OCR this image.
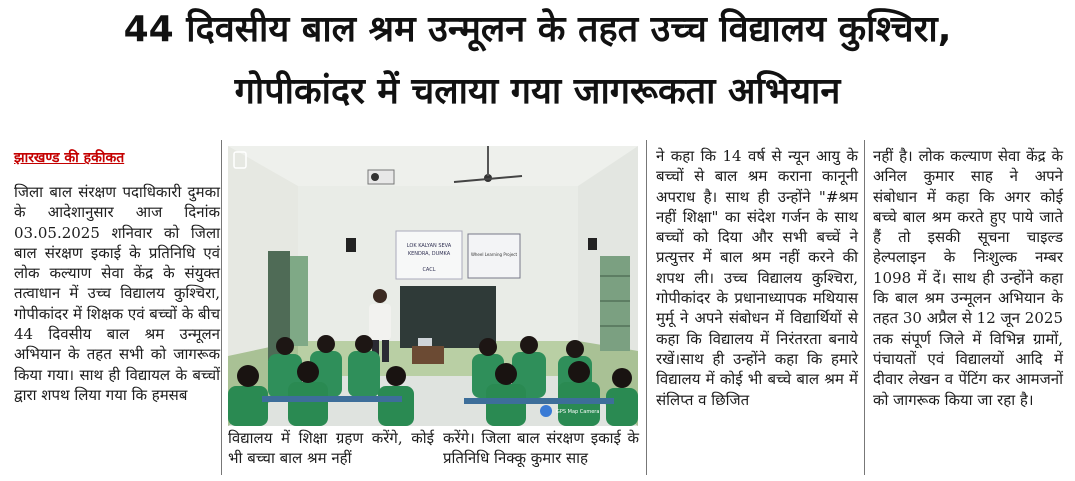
44 दिवसीय बाल श्रम उन्मूलन के तहत उच्च विद्यालय कुश्चिरा,
गोपीकांदर में चलाया गया जागरूकता अभियान
झारखण्ड की हकीकत

जिला बाल संरक्षण पदाधिकारी दुमका के आदेशानुसार आज दिनांक 03.05.2025 शनिवार को जिला बाल संरक्षण इकाई के प्रतिनिधि एवं लोक कल्याण सेवा केंद्र के संयुक्त तत्वाधान में उच्च विद्यालय कुश्चिरा, गोपीकांदर में शिक्षक एवं बच्चों के बीच 44 दिवसीय बाल श्रम उन्मूलन अभियान के तहत सभी को जागरूक किया गया। साथ ही विद्यायल के बच्चों द्वारा शपथ लिया गया कि हमसब

LOK KALYAN SEVA
KENDRA, DUMKA
CACL
Wheel Learning Project
GPS Map Camera
विद्यालय में शिक्षा ग्रहण करेंगे, कोई भी बच्चा बाल श्रम नहीं
करेंगे। जिला बाल संरक्षण इकाई के प्रतिनिधि निक्कू कुमार साह

ने कहा कि 14 वर्ष से न्यून आयु के बच्चों से बाल श्रम कराना कानूनी अपराध है। साथ ही उन्होंने "#श्रम नहीं शिक्षा" का संदेश गर्जन के साथ बच्चों को दिया और सभी बच्चें ने प्रत्युत्तर में बाल श्रम नहीं करने की शपथ ली। उच्च विद्यालय कुश्चिरा, गोपीकांदर के प्रधानाध्यापक मथियास मुर्मू ने अपने संबोधन में विद्यार्थियों से कहा कि विद्यालय में निरंतरता बनाये रखें।साथ ही उन्होंने कहा कि हमारे विद्यालय में कोई भी बच्चे बाल श्रम में संलिप्त व छिजित

नहीं है। लोक कल्याण सेवा केंद्र के अनिल कुमार साह ने अपने संबोधान में कहा कि अगर कोई बच्चे बाल श्रम करते हुए पाये जाते हैं तो इसकी सूचना चाइल्ड हेल्पलाइन के निःशुल्क नम्बर 1098 में दें। साथ ही उन्होंने कहा कि बाल श्रम उन्मूलन अभियान के तहत 30 अप्रैल से 12 जून 2025 तक संपूर्ण जिले में विभिन्न ग्रामों, पंचायतों एवं विद्यालयों आदि में दीवार लेखन व पेंटिंग कर आमजनों को जागरूक किया जा रहा है।
